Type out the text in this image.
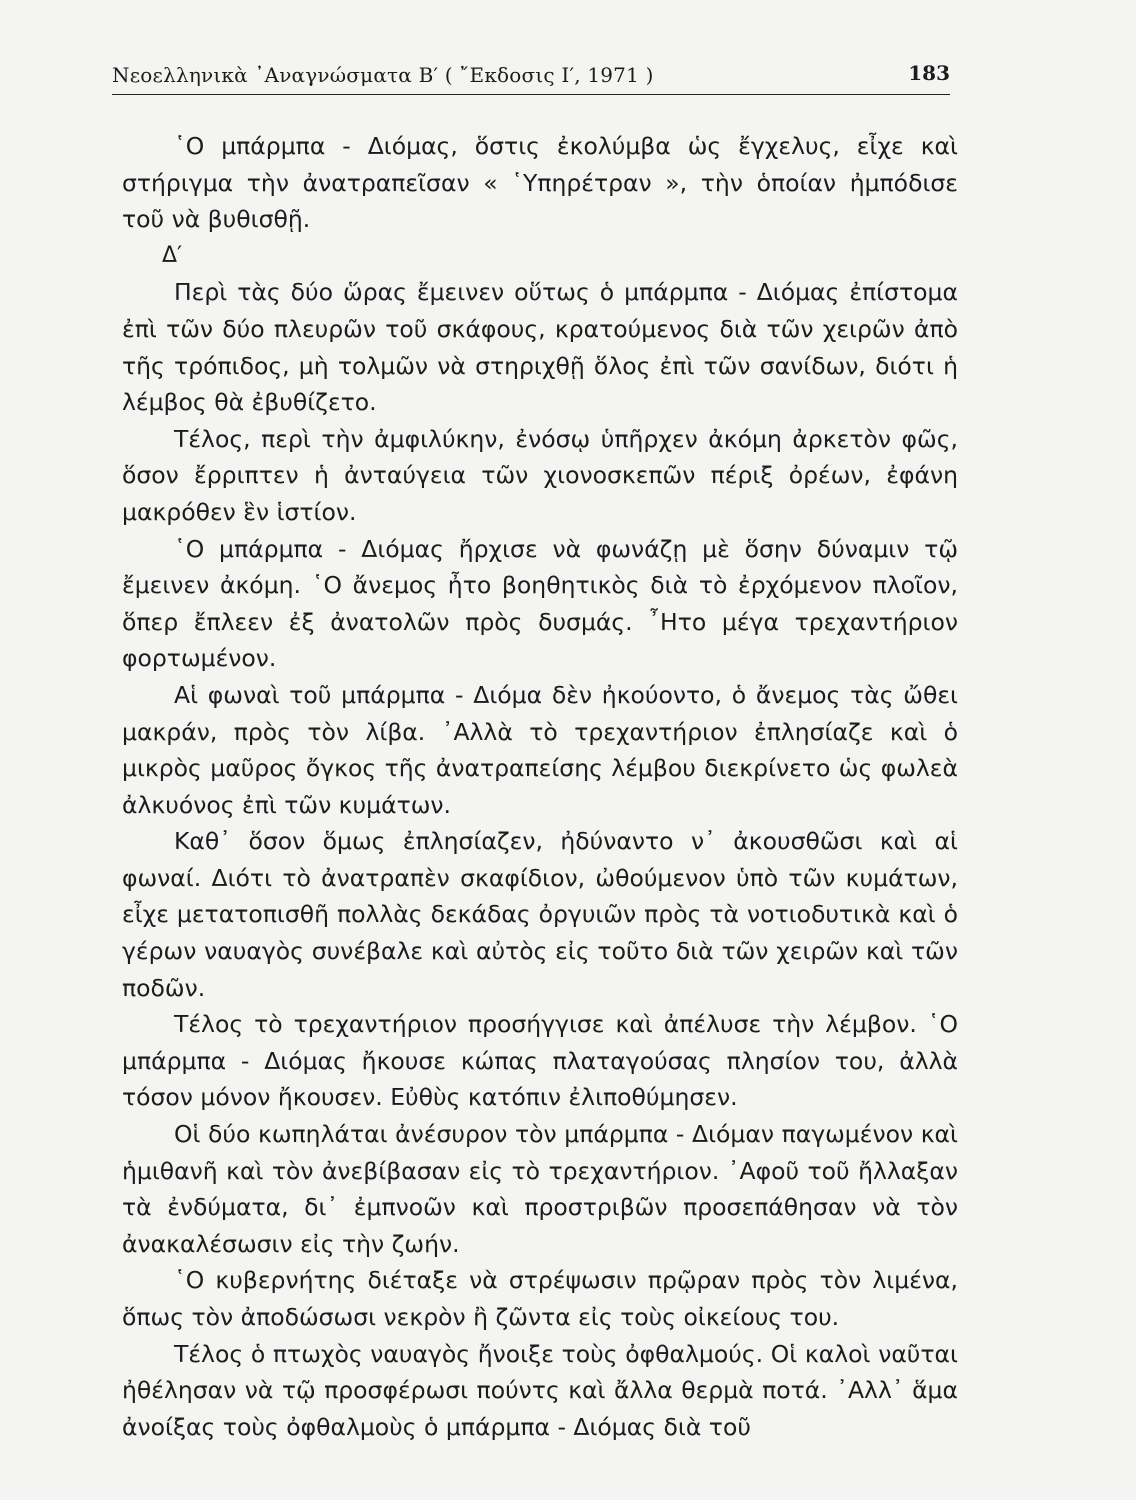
Νεοελληνικὰ ᾽Αναγνώσματα Β′ ( ῎Εκδοσις Ι′, 1971 )	183

῾Ο μπάρμπα - Διόμας, ὅστις ἐκολύμβα ὡς ἔγχελυς, εἶχε καὶ στήριγμα τὴν ἀνατραπεῖσαν « ῾Υπηρέτραν », τὴν ὁποίαν ἠμπόδισε τοῦ νὰ βυθισθῇ.

Δ′

Περὶ τὰς δύο ὥρας ἔμεινεν οὕτως ὁ μπάρμπα - Διόμας ἐπίστομα ἐπὶ τῶν δύο πλευρῶν τοῦ σκάφους, κρατούμενος διὰ τῶν χειρῶν ἀπὸ τῆς τρόπιδος, μὴ τολμῶν νὰ στηριχθῇ ὅλος ἐπὶ τῶν σανίδων, διότι ἡ λέμβος θὰ ἐβυθίζετο.

Τέλος, περὶ τὴν ἀμφιλύκην, ἐνόσῳ ὑπῆρχεν ἀκόμη ἀρκετὸν φῶς, ὅσον ἔρριπτεν ἡ ἀνταύγεια τῶν χιονοσκεπῶν πέριξ ὀρέων, ἐφάνη μακρόθεν ἓν ἱστίον.

῾Ο μπάρμπα - Διόμας ἤρχισε νὰ φωνάζῃ μὲ ὅσην δύναμιν τῷ ἔμεινεν ἀκόμη. ῾Ο ἄνεμος ἦτο βοηθητικὸς διὰ τὸ ἐρχόμενον πλοῖον, ὅπερ ἔπλεεν ἐξ ἀνατολῶν πρὸς δυσμάς. ῏Ητο μέγα τρεχαντήριον φορτωμένον.

Αἱ φωναὶ τοῦ μπάρμπα - Διόμα δὲν ἠκούοντο, ὁ ἄνεμος τὰς ὤθει μακράν, πρὸς τὸν λίβα. ᾽Αλλὰ τὸ τρεχαντήριον ἐπλησίαζε καὶ ὁ μικρὸς μαῦρος ὄγκος τῆς ἀνατραπείσης λέμβου διεκρίνετο ὡς φωλεὰ ἀλκυόνος ἐπὶ τῶν κυμάτων.

Καθ᾽ ὅσον ὅμως ἐπλησίαζεν, ἠδύναντο ν᾽ ἀκουσθῶσι καὶ αἱ φωναί. Διότι τὸ ἀνατραπὲν σκαφίδιον, ὠθούμενον ὑπὸ τῶν κυμάτων, εἶχε μετατοπισθῆ πολλὰς δεκάδας ὀργυιῶν πρὸς τὰ νοτιοδυτικὰ καὶ ὁ γέρων ναυαγὸς συνέβαλε καὶ αὐτὸς εἰς τοῦτο διὰ τῶν χειρῶν καὶ τῶν ποδῶν.

Τέλος τὸ τρεχαντήριον προσήγγισε καὶ ἀπέλυσε τὴν λέμβον. ῾Ο μπάρμπα - Διόμας ἤκουσε κώπας πλαταγούσας πλησίον του, ἀλλὰ τόσον μόνον ἤκουσεν. Εὐθὺς κατόπιν ἐλιποθύμησεν.

Οἱ δύο κωπηλάται ἀνέσυρον τὸν μπάρμπα - Διόμαν παγωμένον καὶ ἡμιθανῆ καὶ τὸν ἀνεβίβασαν εἰς τὸ τρεχαντήριον. ᾽Αφοῦ τοῦ ἤλλαξαν τὰ ἐνδύματα, δι᾽ ἐμπνοῶν καὶ προστριβῶν προσεπάθησαν νὰ τὸν ἀνακαλέσωσιν εἰς τὴν ζωήν.

῾Ο κυβερνήτης διέταξε νὰ στρέψωσιν πρῷραν πρὸς τὸν λιμένα, ὅπως τὸν ἀποδώσωσι νεκρὸν ἢ ζῶντα εἰς τοὺς οἰκείους του.

Τέλος ὁ πτωχὸς ναυαγὸς ἤνοιξε τοὺς ὀφθαλμούς. Οἱ καλοὶ ναῦται ἠθέλησαν νὰ τῷ προσφέρωσι πούντς καὶ ἄλλα θερμὰ ποτά. ᾽Αλλ᾽ ἅμα ἀνοίξας τοὺς ὀφθαλμοὺς ὁ μπάρμπα - Διόμας διὰ τοῦ
